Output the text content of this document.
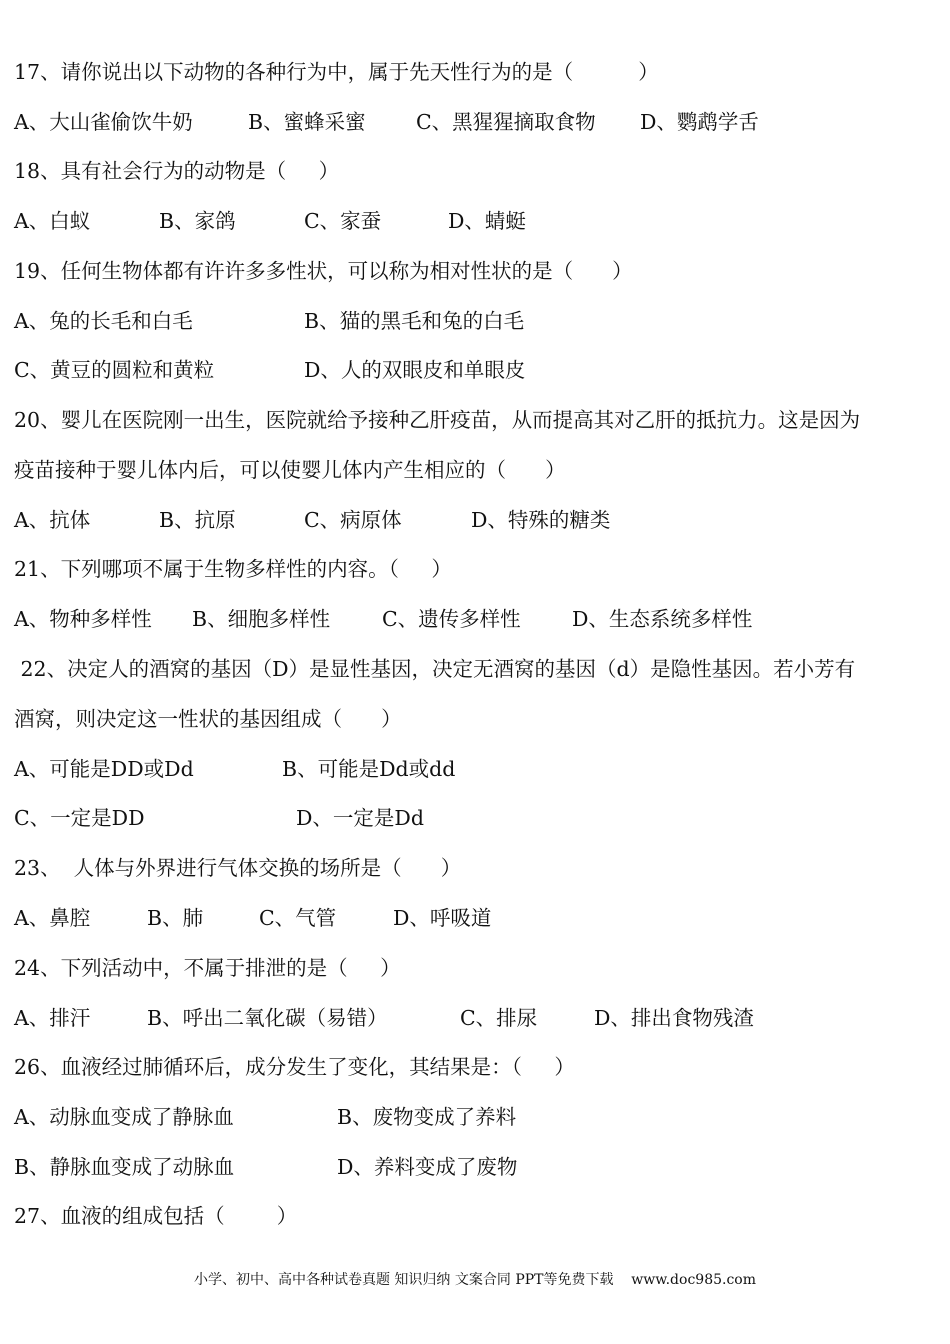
17、请你说出以下动物的各种行为中，属于先天性行为的是（          ）

A、大山雀偷饮牛奶

	B、蜜蜂采蜜

C、黑猩猩摘取食物

D、鹦鹉学舌

18、具有社会行为的动物是（     ）

A、白蚁

	B、家鸽

	C、家蚕

	D、蜻蜓

19、任何生物体都有许许多多性状，可以称为相对性状的是（      ）

A、兔的长毛和白毛

	B、猫的黑毛和兔的白毛

C、黄豆的圆粒和黄粒

	D、人的双眼皮和单眼皮

20、婴儿在医院刚一出生，医院就给予接种乙肝疫苗，从而提高其对乙肝的抵抗力。这是因为
疫苗接种于婴儿体内后，可以使婴儿体内产生相应的（      ）

A、抗体

	B、抗原

	C、病原体

	D、特殊的糖类

21、下列哪项不属于生物多样性的内容。（     ）

A、物种多样性

B、细胞多样性

	C、遗传多样性

	D、生态系统多样性

22、决定人的酒窝的基因（D）是显性基因，决定无酒窝的基因（d）是隐性基因。若小芳有
酒窝，则决定这一性状的基因组成（      ）

A、可能是DD或Dd

	B、可能是Dd或dd

C、一定是DD

	D、一定是Dd

23、  人体与外界进行气体交换的场所是（      ）

A、鼻腔

	B、肺

	C、气管

	D、呼吸道

24、下列活动中，不属于排泄的是（     ）

A、排汗

	B、呼出二氧化碳（易错）

	C、排尿

	D、排出食物残渣

26、血液经过肺循环后，成分发生了变化，其结果是：（     ）

A、动脉血变成了静脉血

	B、废物变成了养料

B、静脉血变成了动脉血

	D、养料变成了废物

27、血液的组成包括（        ）
小学、初中、高中各种试卷真题 知识归纳 文案合同 PPT等免费下载    www.doc985.com
